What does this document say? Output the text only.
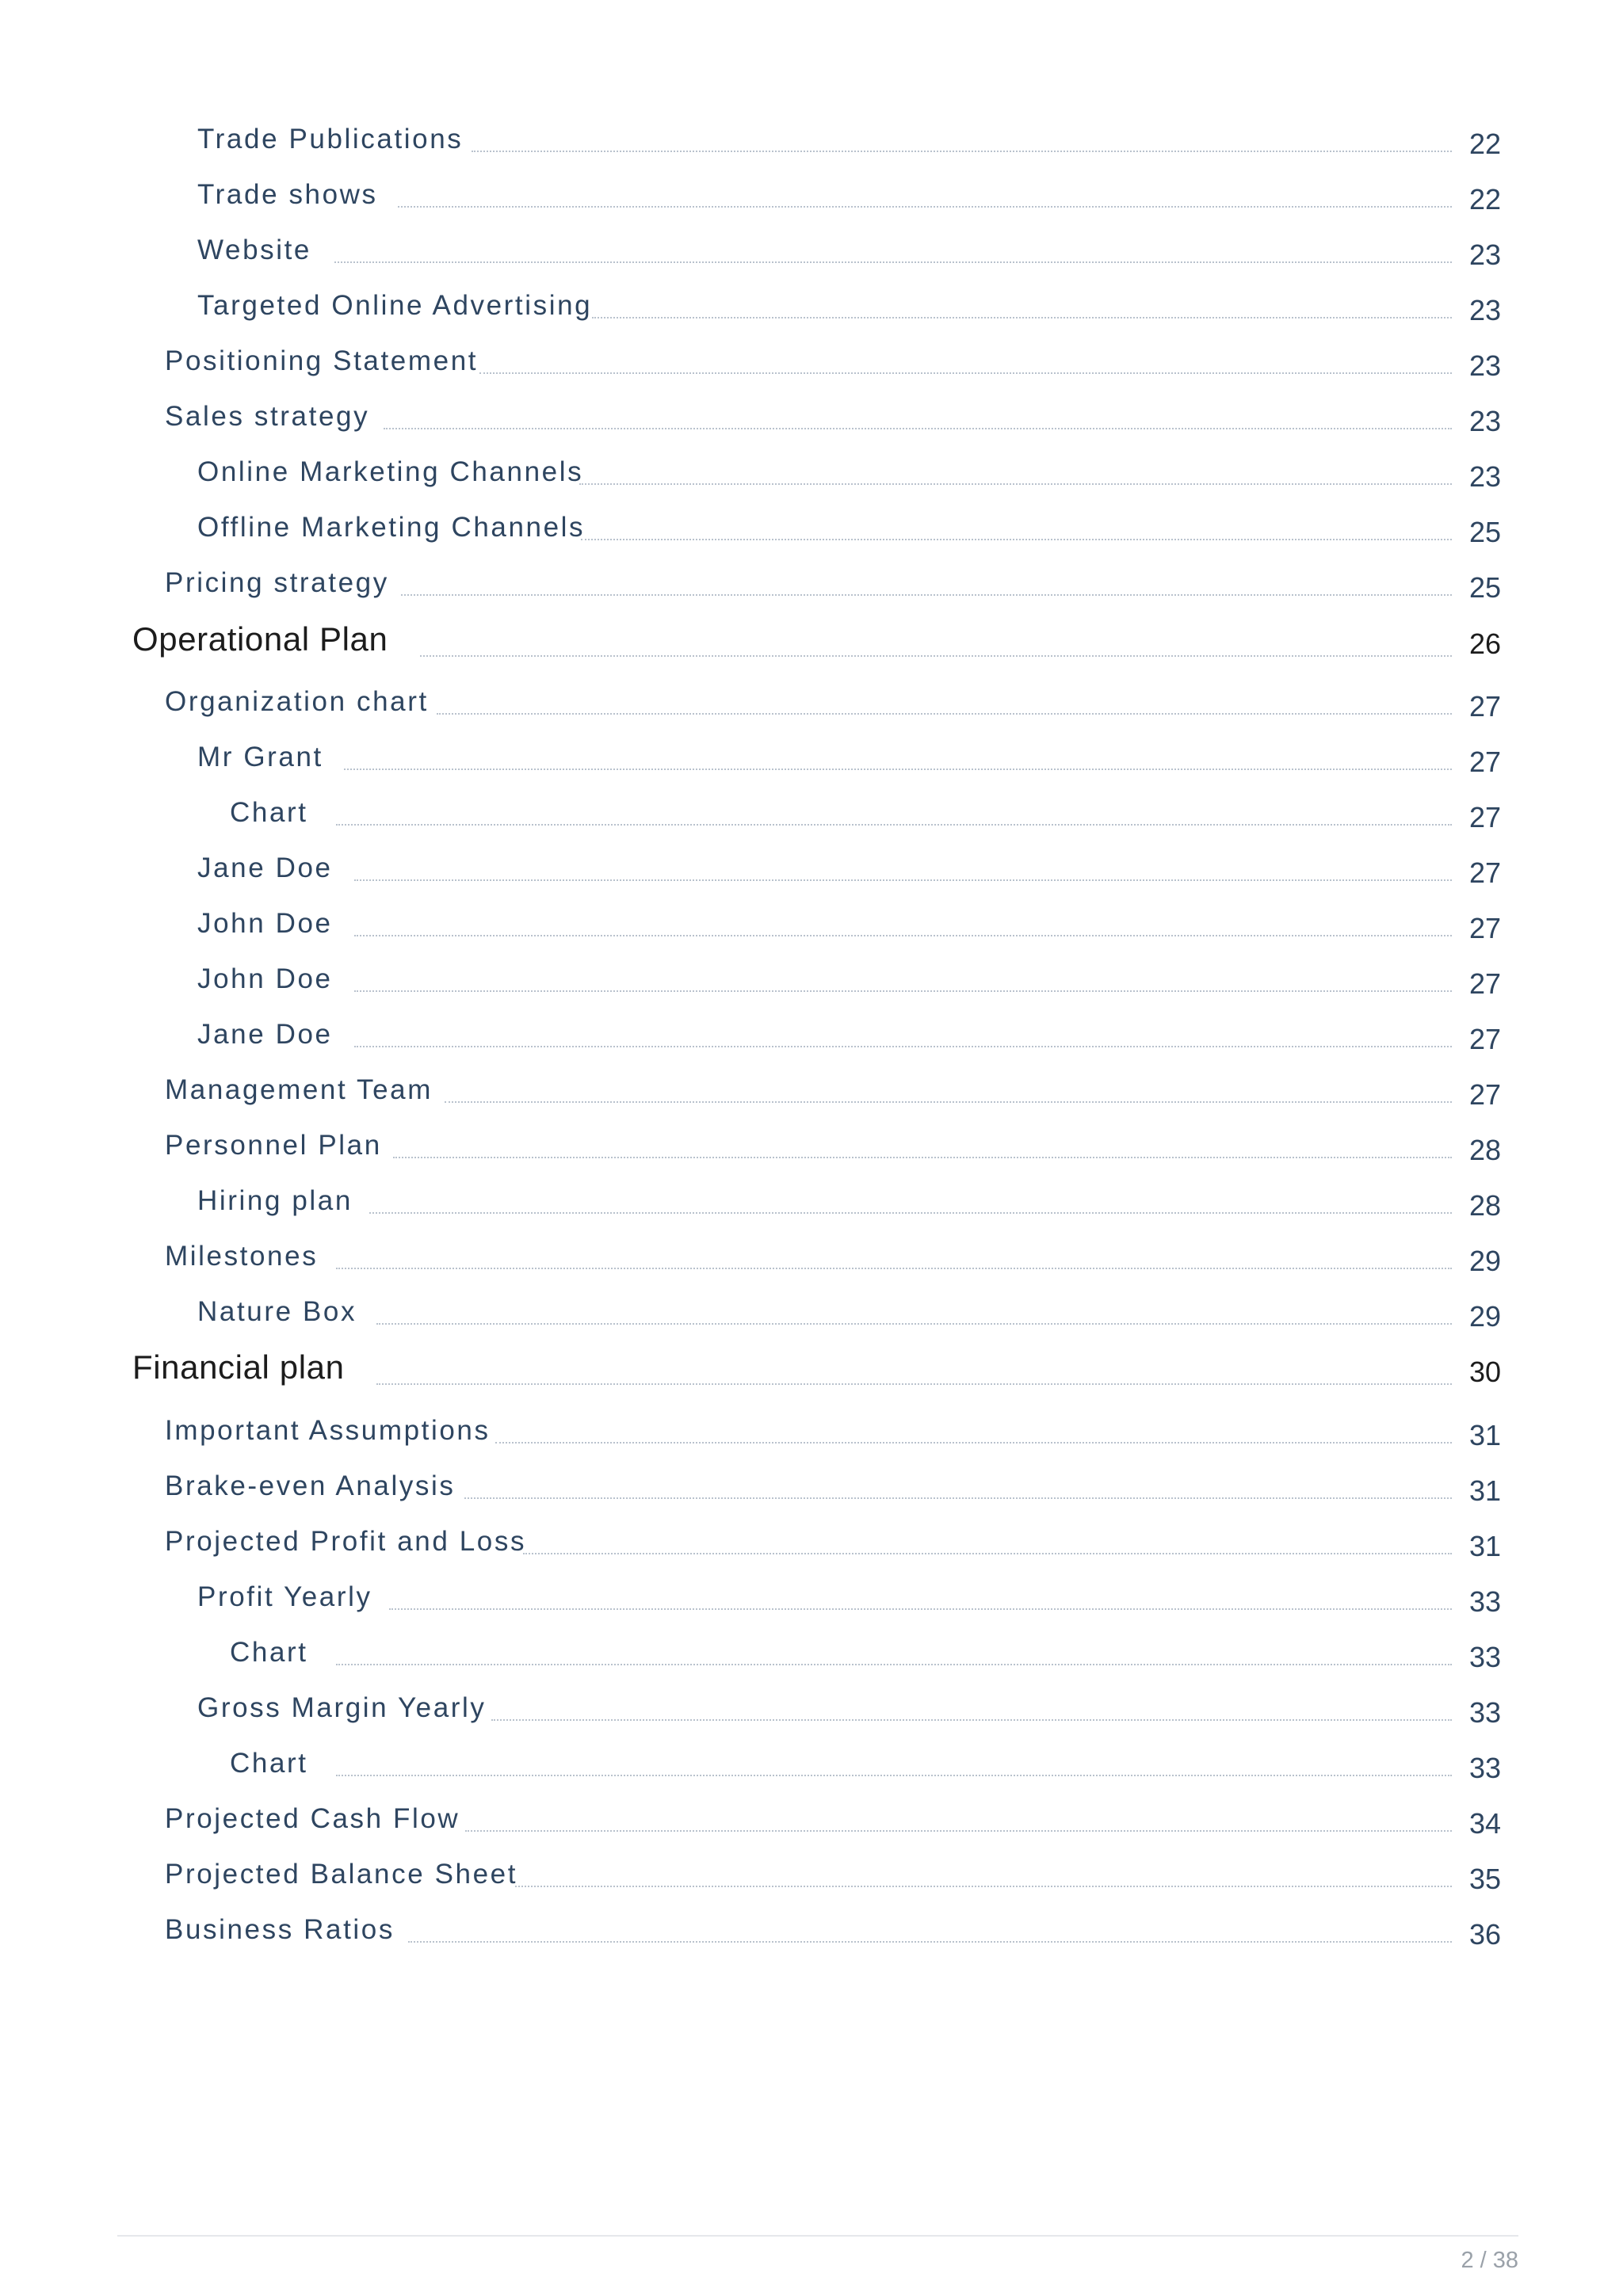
Trade Publications	22
Trade shows	22
Website	23
Targeted Online Advertising	23
Positioning Statement	23
Sales strategy	23
Online Marketing Channels	23
Offline Marketing Channels	25
Pricing strategy	25
Operational Plan	26
Organization chart	27
Mr Grant	27
Chart	27
Jane Doe	27
John Doe	27
John Doe	27
Jane Doe	27
Management Team	27
Personnel Plan	28
Hiring plan	28
Milestones	29
Nature Box	29
Financial plan	30
Important Assumptions	31
Brake-even Analysis	31
Projected Profit and Loss	31
Profit Yearly	33
Chart	33
Gross Margin Yearly	33
Chart	33
Projected Cash Flow	34
Projected Balance Sheet	35
Business Ratios	36
2 / 38
